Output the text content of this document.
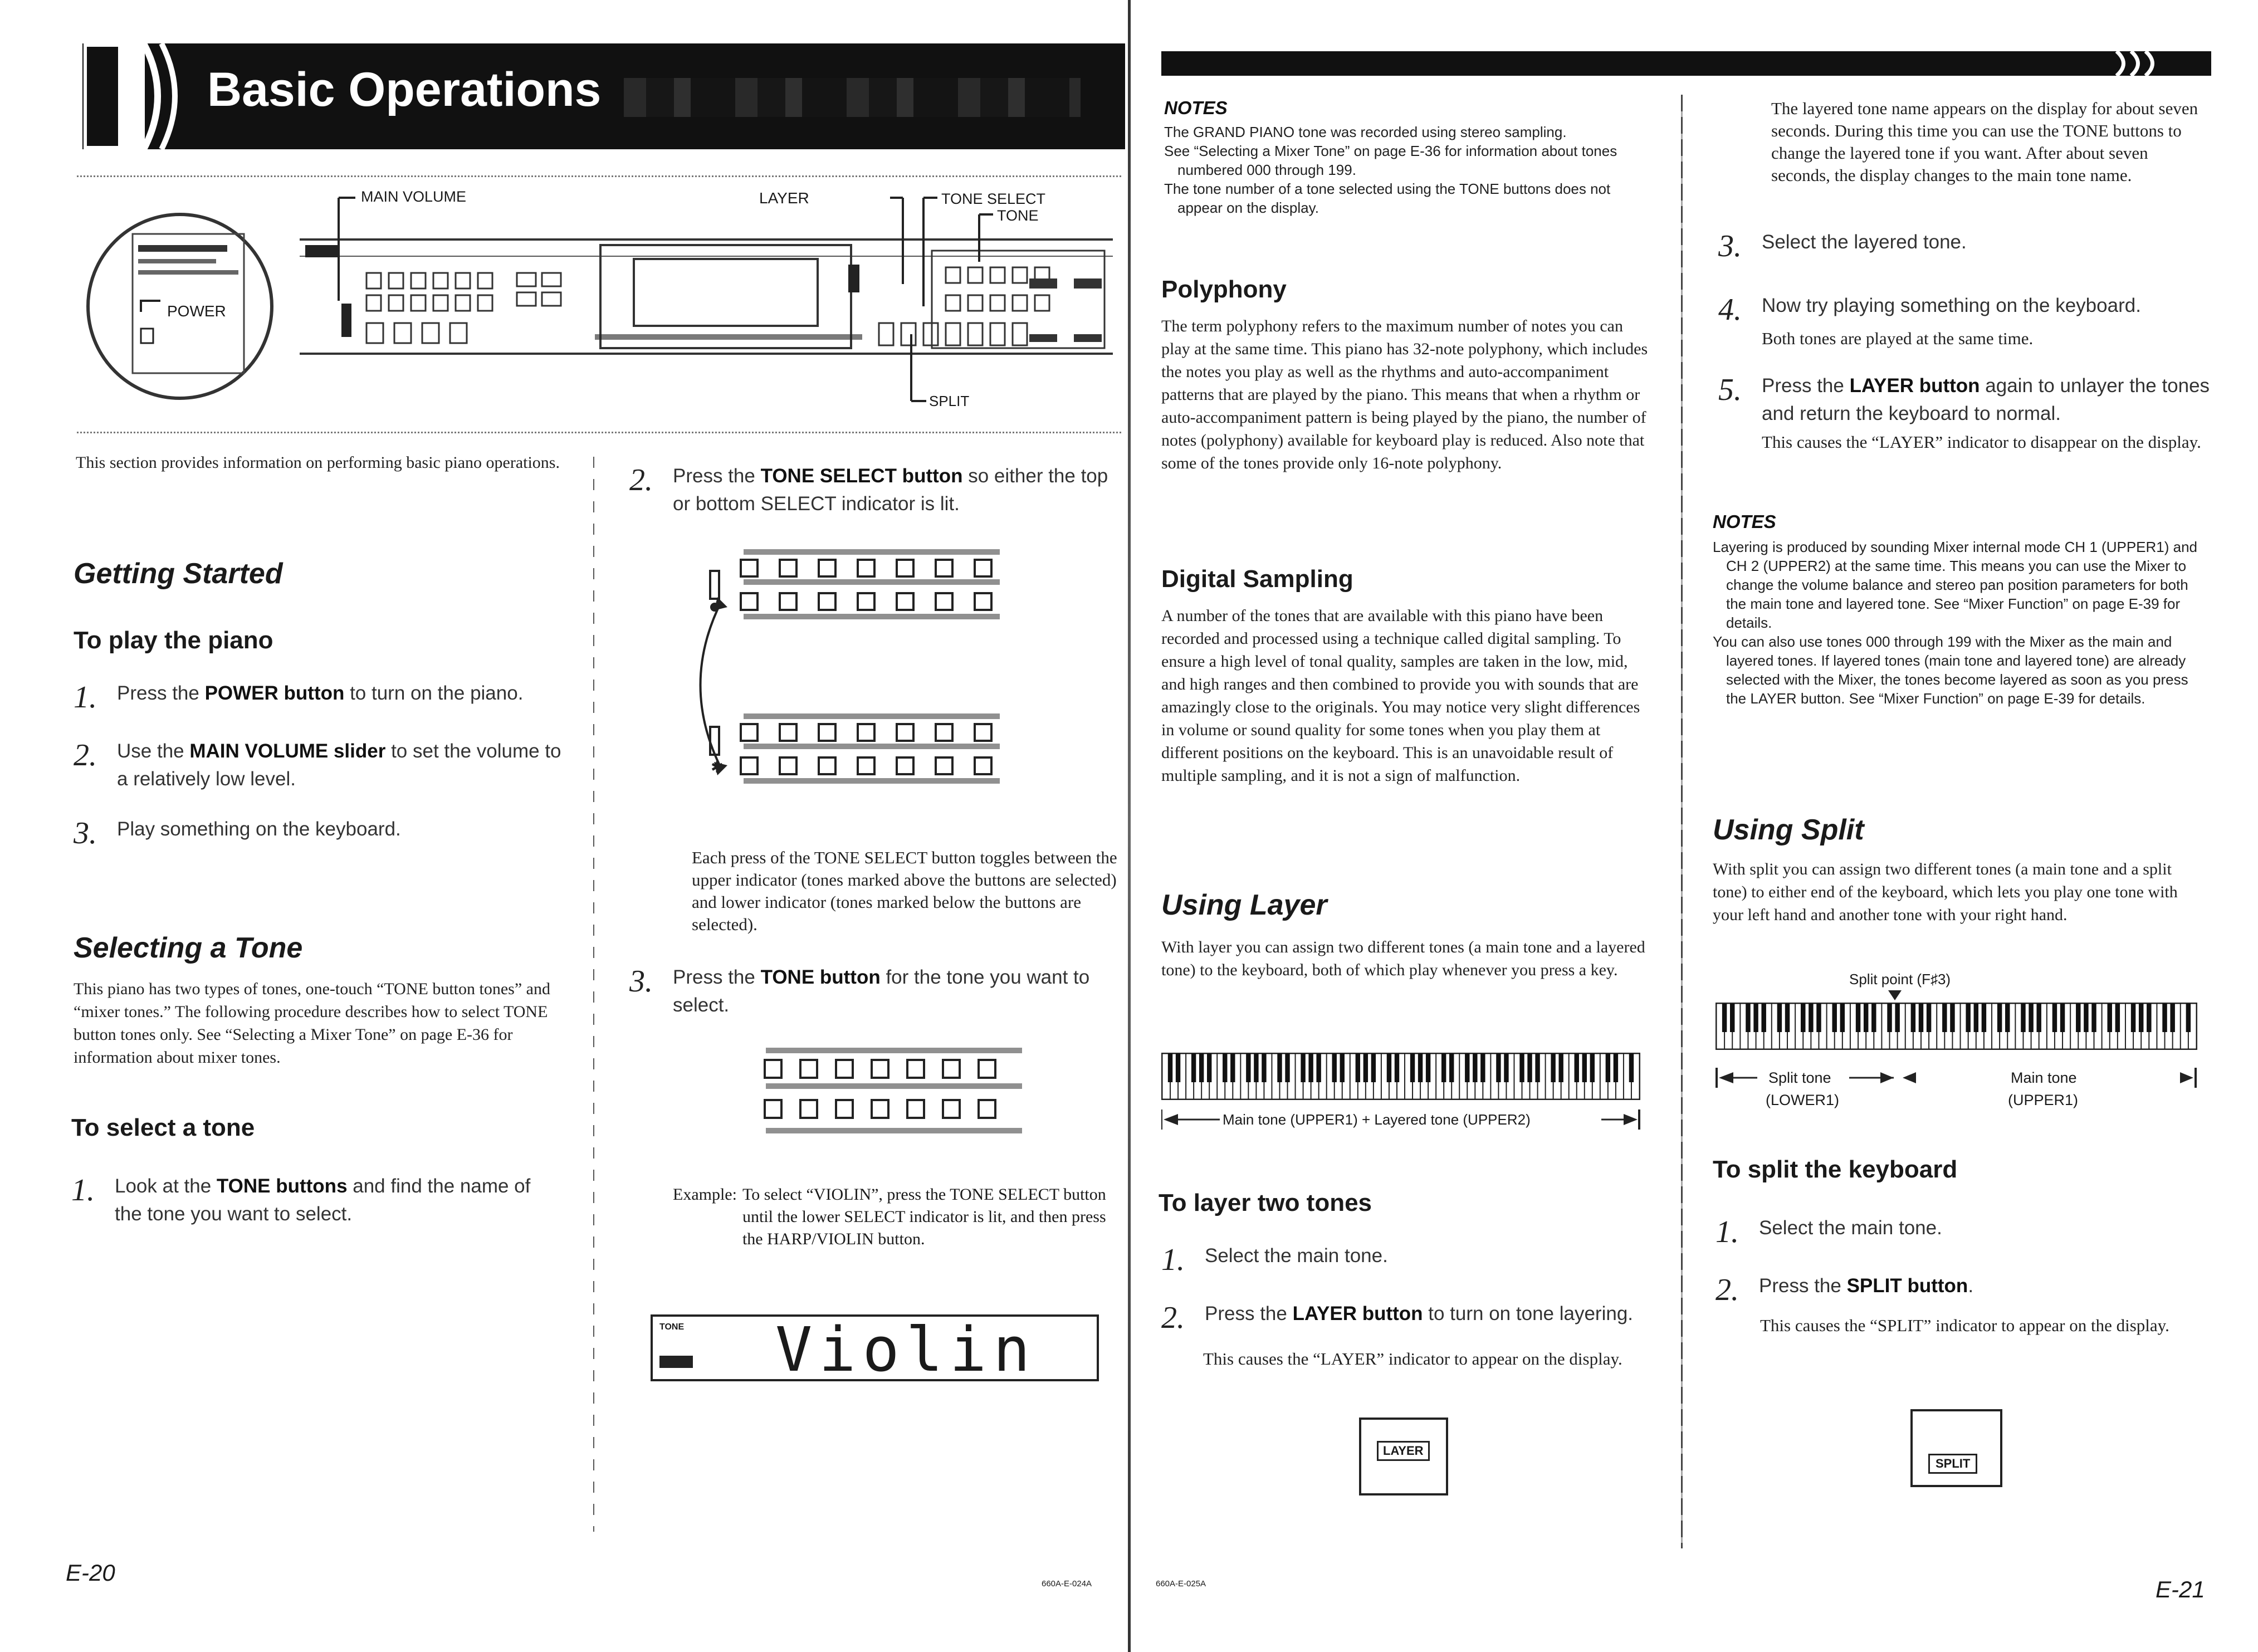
Basic Operations
MAIN VOLUME	LAYER	TONE SELECT
TONE
POWER
SPLIT
This section provides information on performing basic piano operations.
Getting Started
To play the piano
1. Press the POWER button to turn on the piano.
2. Use the MAIN VOLUME slider to set the volume to a relatively low level.
3. Play something on the keyboard.
Selecting a Tone
This piano has two types of tones, one-touch “TONE button tones” and “mixer tones.” The following procedure describes how to select TONE button tones only. See “Selecting a Mixer Tone” on page E-36 for information about mixer tones.
To select a tone
1. Look at the TONE buttons and find the name of the tone you want to select.
E-20
2. Press the TONE SELECT button so either the top or bottom SELECT indicator is lit.
✱
Each press of the TONE SELECT button toggles between the upper indicator (tones marked above the buttons are selected) and lower indicator (tones marked below the buttons are selected).
3. Press the TONE button for the tone you want to select.
Example: To select “VIOLIN”, press the TONE SELECT button until the lower SELECT indicator is lit, and then press the HARP/VIOLIN button.
TONE Violin
660A-E-024A
NOTES
The GRAND PIANO tone was recorded using stereo sampling.
See “Selecting a Mixer Tone” on page E-36 for information about tones numbered 000 through 199.
The tone number of a tone selected using the TONE buttons does not appear on the display.
Polyphony
The term polyphony refers to the maximum number of notes you can play at the same time. This piano has 32-note polyphony, which includes the notes you play as well as the rhythms and auto-accompaniment patterns that are played by the piano. This means that when a rhythm or auto-accompaniment pattern is being played by the piano, the number of notes (polyphony) available for keyboard play is reduced. Also note that some of the tones provide only 16-note polyphony.
Digital Sampling
A number of the tones that are available with this piano have been recorded and processed using a technique called digital sampling. To ensure a high level of tonal quality, samples are taken in the low, mid, and high ranges and then combined to provide you with sounds that are amazingly close to the originals. You may notice very slight differences in volume or sound quality for some tones when you play them at different positions on the keyboard. This is an unavoidable result of multiple sampling, and it is not a sign of malfunction.
Using Layer
With layer you can assign two different tones (a main tone and a layered tone) to the keyboard, both of which play whenever you press a key.
Main tone (UPPER1) + Layered tone (UPPER2)
To layer two tones
1. Select the main tone.
2. Press the LAYER button to turn on tone layering.
This causes the “LAYER” indicator to appear on the display.
LAYER
660A-E-025A
The layered tone name appears on the display for about seven seconds. During this time you can use the TONE buttons to change the layered tone if you want. After about seven seconds, the display changes to the main tone name.
3. Select the layered tone.
4. Now try playing something on the keyboard.
Both tones are played at the same time.
5. Press the LAYER button again to unlayer the tones and return the keyboard to normal.
This causes the “LAYER” indicator to disappear on the display.
NOTES
Layering is produced by sounding Mixer internal mode CH 1 (UPPER1) and CH 2 (UPPER2) at the same time. This means you can use the Mixer to change the volume balance and stereo pan position parameters for both the main tone and layered tone. See “Mixer Function” on page E-39 for details.
You can also use tones 000 through 199 with the Mixer as the main and layered tones. If layered tones (main tone and layered tone) are already selected with the Mixer, the tones become layered as soon as you press the LAYER button. See “Mixer Function” on page E-39 for details.
Using Split
With split you can assign two different tones (a main tone and a split tone) to either end of the keyboard, which lets you play one tone with your left hand and another tone with your right hand.
Split point (F♯3)
Split tone
(LOWER1)
Main tone
(UPPER1)
To split the keyboard
1. Select the main tone.
2. Press the SPLIT button.
This causes the “SPLIT” indicator to appear on the display.
SPLIT
E-21
